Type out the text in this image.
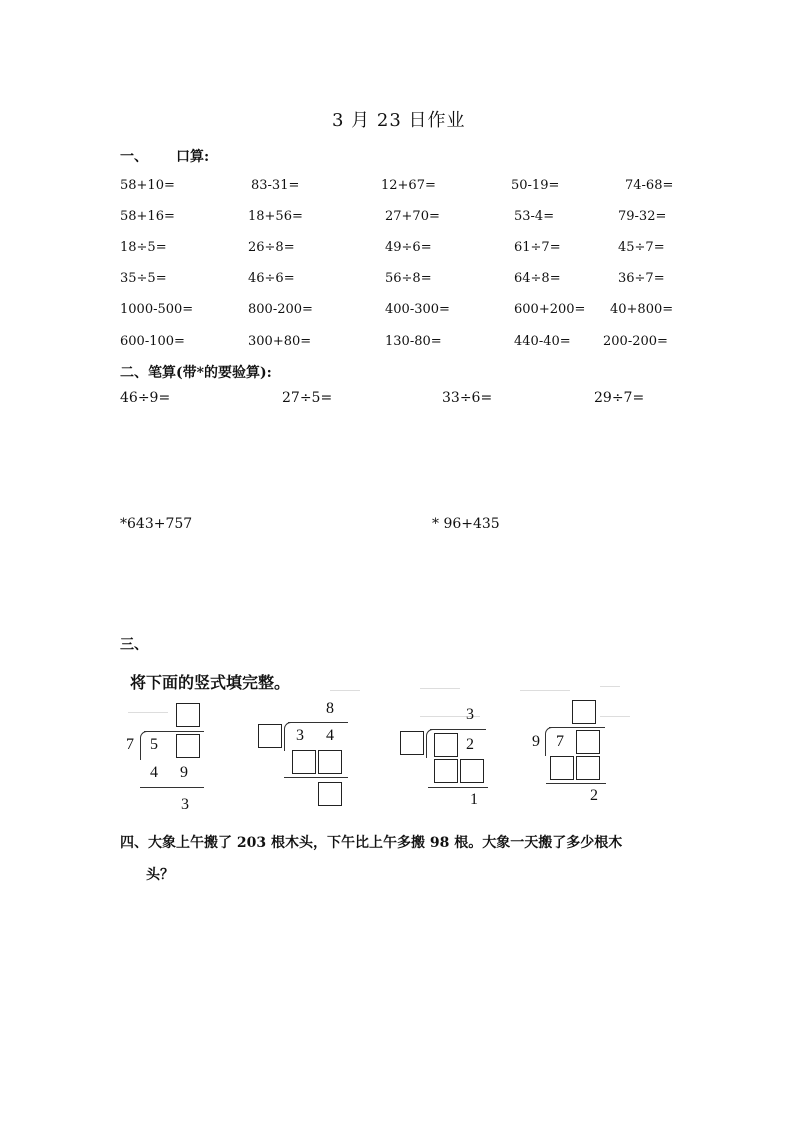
3 月 23 日作业
一、 口算:
58+10=	83-31=	12+67=	50-19=	74-68=
58+16=	18+56=	27+70=	53-4=	79-32=
18÷5=	26÷8=	49÷6=	61÷7=	45÷7=
35÷5=	46÷6=	56÷8=	64÷8=	36÷7=
1000-500=	800-200=	400-300=	600+200= 40+800=
600-100=	300+80=	130-80=	440-40= 200-200=
二、笔算(带*的要验算):
46÷9=	27÷5=	33÷6=	29÷7=
*643+757	* 96+435
三、
将下面的竖式填完整。
7 5
4 9
3
8
3 4
3
2
1
9 7
2
四、大象上午搬了 203 根木头，下午比上午多搬 98 根。大象一天搬了多少根木
头？
